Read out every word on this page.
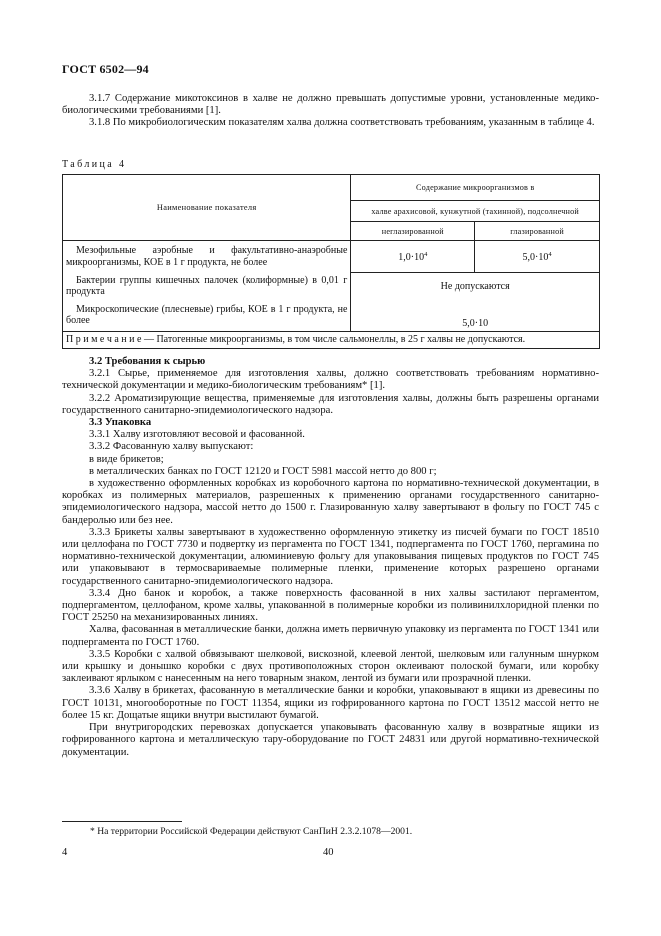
ГОСТ 6502—94

3.1.7 Содержание микотоксинов в халве не должно превышать допустимые уровни, установленные медико-биологическими требованиями [1].

3.1.8 По микробиологическим показателям халва должна соответствовать требованиям, указанным в таблице 4.

Таблица 4
Наименование показателя	Содержание микроорганизмов в	
	халве арахисовой, кунжутной (тахинной), подсолнечной	
	неглазированной	глазированной

Мезофильные аэробные и факультативно-анаэробные микроорганизмы, КОЕ в 1 г продукта, не более	$1,0\cdot 10^4$	$5,0\cdot 10^4$

Бактерии группы кишечных палочек (колиформные) в 0,01 г продукта	Не допускаются	

Микроскопические (плесневые) грибы, КОЕ в 1 г продукта, не более	5,0·10	
П р и м е ч а н и е — Патогенные микроорганизмы, в том числе сальмонеллы, в 25 г халвы не допускаются.		

3.2 Требования к сырью

3.2.1 Сырье, применяемое для изготовления халвы, должно соответствовать требованиям нормативно-технической документации и медико-биологическим требованиям* [1].

3.2.2 Ароматизирующие вещества, применяемые для изготовления халвы, должны быть разрешены органами государственного санитарно-эпидемиологического надзора.

3.3 Упаковка

3.3.1 Халву изготовляют весовой и фасованной.

3.3.2 Фасованную халву выпускают:

в виде брикетов;

в металлических банках по ГОСТ 12120 и ГОСТ 5981 массой нетто до 800 г;

в художественно оформленных коробках из коробочного картона по нормативно-технической документации, в коробках из полимерных материалов, разрешенных к применению органами государственного санитарно-эпидемиологического надзора, массой нетто до 1500 г. Глазированную халву завертывают в фольгу по ГОСТ 745 с бандеролью или без нее.

3.3.3 Брикеты халвы завертывают в художественно оформленную этикетку из писчей бумаги по ГОСТ 18510 или целлофана по ГОСТ 7730 и подвертку из пергамента по ГОСТ 1341, подпергамента по ГОСТ 1760, пергамина по нормативно-технической документации, алюминиевую фольгу для упаковывания пищевых продуктов по ГОСТ 745 или упаковывают в термосвариваемые полимерные пленки, применение которых разрешено органами государственного санитарно-эпидемиологического надзора.

3.3.4 Дно банок и коробок, а также поверхность фасованной в них халвы застилают пергаментом, подпергаментом, целлофаном, кроме халвы, упакованной в полимерные коробки из поливинилхлоридной пленки по ГОСТ 25250 на механизированных линиях.

Халва, фасованная в металлические банки, должна иметь первичную упаковку из пергамента по ГОСТ 1341 или подпергамента по ГОСТ 1760.

3.3.5 Коробки с халвой обвязывают шелковой, вискозной, клеевой лентой, шелковым или галунным шнурком или крышку и донышко коробки с двух противоположных сторон оклеивают полоской бумаги, или коробку заклеивают ярлыком с нанесенным на него товарным знаком, лентой из бумаги или прозрачной пленки.

3.3.6 Халву в брикетах, фасованную в металлические банки и коробки, упаковывают в ящики из древесины по ГОСТ 10131, многооборотные по ГОСТ 11354, ящики из гофрированного картона по ГОСТ 13512 массой нетто не более 15 кг. Дощатые ящики внутри выстилают бумагой.

При внутригородских перевозках допускается упаковывать фасованную халву в возвратные ящики из гофрированного картона и металлическую тару-оборудование по ГОСТ 24831 или другой нормативно-технической документации.

* На территории Российской Федерации действуют СанПиН 2.3.2.1078—2001.
4	40
